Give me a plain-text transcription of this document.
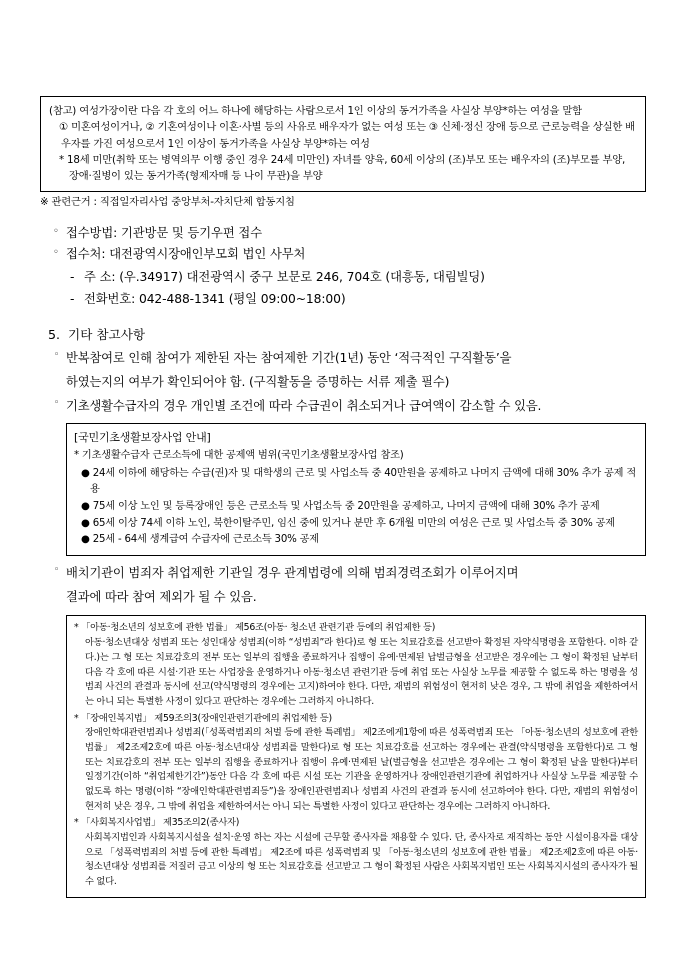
(참고) 여성가장이란 다음 각 호의 어느 하나에 해당하는 사람으로서 1인 이상의 동거가족을 사실상 부양*하는 여성을 말함
① 미혼여성이거나, ② 기혼여성이나 이혼·사별 등의 사유로 배우자가 없는 여성 또는 ③ 신체·정신 장애 등으로 근로능력을 상실한 배우자를 가진 여성으로서 1인 이상이 동거가족을 사실상 부양*하는 여성
* 18세 미만(취학 또는 병역의무 이행 중인 경우 24세 미만인) 자녀를 양육, 60세 이상의 (조)부모 또는 배우자의 (조)부모를 부양, 장애·질병이 있는 동거가족(형제자매 등 나이 무관)을 부양
※ 관련근거 : 직접일자리사업 중앙부처-자치단체 합동지침
◦ 접수방법: 기관방문 및 등기우편 접수
◦ 접수처: 대전광역시장애인부모회 법인 사무처
- 주 소: (우.34917) 대전광역시 중구 보문로 246, 704호 (대흥동, 대림빌딩)
- 전화번호: 042-488-1341 (평일 09:00~18:00)
5. 기타 참고사항
◦ 반복참여로 인해 참여가 제한된 자는 참여제한 기간(1년) 동안 ‘적극적인 구직활동’을
하였는지의 여부가 확인되어야 함. (구직활동을 증명하는 서류 제출 필수)
◦ 기초생활수급자의 경우 개인별 조건에 따라 수급권이 취소되거나 급여액이 감소할 수 있음.
[국민기초생활보장사업 안내]
* 기초생활수급자 근로소득에 대한 공제액 범위(국민기초생활보장사업 참조)
● 24세 이하에 해당하는 수급(권)자 및 대학생의 근로 및 사업소득 중 40만원을 공제하고 나머지 금액에 대해 30% 추가 공제 적용
● 75세 이상 노인 및 등록장애인 등은 근로소득 및 사업소득 중 20만원을 공제하고, 나머지 금액에 대해 30% 추가 공제
● 65세 이상 74세 이하 노인, 북한이탈주민, 임신 중에 있거나 분만 후 6개월 미만의 여성은 근로 및 사업소득 중 30% 공제
● 25세 - 64세 생계급여 수급자에 근로소득 30% 공제
◦ 배치기관이 범죄자 취업제한 기관일 경우 관계법령에 의해 범죄경력조회가 이루어지며
결과에 따라 참여 제외가 될 수 있음.
* 「아동·청소년의 성보호에 관한 법률」 제56조(아동· 청소년 관련기관 등에의 취업제한 등)

아동·청소년대상 성범죄 또는 성인대상 성범죄(이하 “성범죄”라 한다)로 형 또는 치료감호를 선고받아 확정된 자약식명령을 포함한다. 이하 같다.)는 그 형 또는 치료감호의 전부 또는 일부의 집행을 종료하거나 집행이 유예·면제된 납벌금형을 선고받은 경우에는 그 형이 확정된 날부터 다음 각 호에 따른 시설·기관 또는 사업장을 운영하거나 아동·청소년 관련기관 등에 취업 또는 사실상 노무를 제공할 수 없도록 하는 명령을 성범죄 사건의 관결과 동시에 선고(약식명령의 경우에는 고지)하여야 한다. 다만, 재범의 위험성이 현저히 낮은 경우, 그 밖에 취업을 제한하여서는 아니 되는 특별한 사정이 있다고 판단하는 경우에는 그러하지 아니하다.

* 「장애인복지법」 제59조의3(장애인관련기관에의 취업제한 등)

장애인학대관련범죄나 성범죄(「성폭력범죄의 처벌 등에 관한 특례법」 제2조에게1항에 따른 성폭력범죄 또는 「아동·청소년의 성보호에 관한 법률」 제2조제2호에 따른 아동·청소년대상 성범죄를 말한다)로 형 또는 치료감호를 선고하는 경우에는 관결(약식명령을 포함한다)로 그 형 또는 치료감호의 전부 또는 일부의 집행을 종료하거나 집행이 유예·면제된 날(벌금형을 선고받은 경우에는 그 형이 확정된 날을 말한다)부터 일정기간(이하 “취업제한기간”)동안 다음 각 호에 따른 시설 또는 기관을 운영하거나 장애인관련기관에 취업하거나 사실상 노무를 제공할 수 없도록 하는 명령(이하 “장애인학대관련범죄등”)을 장애인관련범죄나 성범죄 사건의 관결과 동시에 선고하여야 한다. 다만, 재범의 위험성이 현저히 낮은 경우, 그 밖에 취업을 제한하여서는 아니 되는 특별한 사정이 있다고 판단하는 경우에는 그러하지 아니하다.

* 「사회복지사업법」 제35조의2(종사자)

사회복지법인과 사회복지시설을 설치·운영 하는 자는 시설에 근무할 종사자를 채용할 수 있다. 단, 종사자로 재직하는 동안 시설이용자를 대상으로 「성폭력범죄의 처벌 등에 관한 특례법」 제2조에 따른 성폭력범죄 및 「아동·청소년의 성보호에 관한 법률」 제2조제2호에 따른 아동·청소년대상 성범죄를 저질러 금고 이상의 형 또는 치료감호를 선고받고 그 형이 확정된 사람은 사회복지법인 또는 사회복지시설의 종사자가 될 수 없다.
